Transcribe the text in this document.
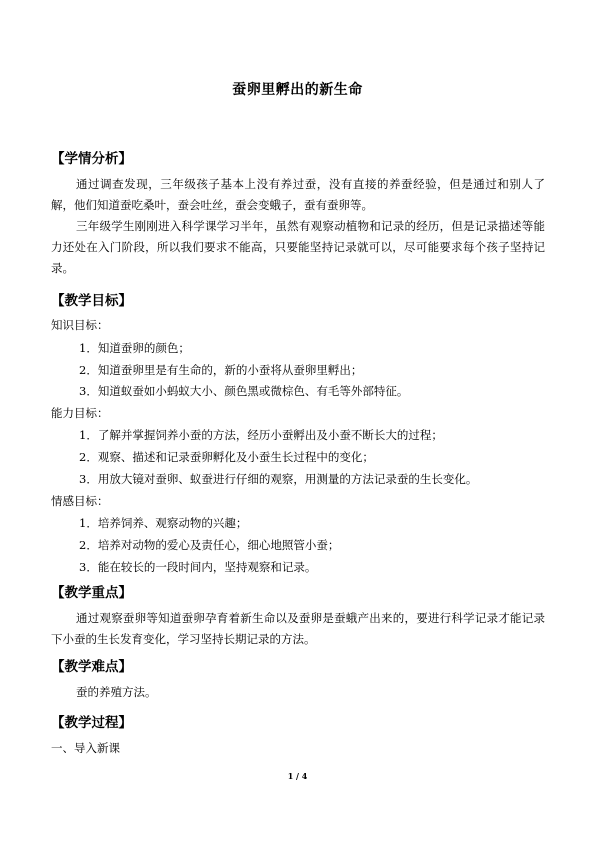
蚕卵里孵出的新生命
【学情分析】
通过调查发现，三年级孩子基本上没有养过蚕，没有直接的养蚕经验，但是通过和别人了解，他们知道蚕吃桑叶，蚕会吐丝，蚕会变蛾子，蚕有蚕卵等。
三年级学生刚刚进入科学课学习半年，虽然有观察动植物和记录的经历，但是记录描述等能力还处在入门阶段，所以我们要求不能高，只要能坚持记录就可以，尽可能要求每个孩子坚持记录。
【教学目标】
知识目标：
1．知道蚕卵的颜色；
2．知道蚕卵里是有生命的，新的小蚕将从蚕卵里孵出；
3．知道蚁蚕如小蚂蚁大小、颜色黑或微棕色、有毛等外部特征。
能力目标：
1．了解并掌握饲养小蚕的方法，经历小蚕孵出及小蚕不断长大的过程；
2．观察、描述和记录蚕卵孵化及小蚕生长过程中的变化；
3．用放大镜对蚕卵、蚁蚕进行仔细的观察，用测量的方法记录蚕的生长变化。
情感目标：
1．培养饲养、观察动物的兴趣；
2．培养对动物的爱心及责任心，细心地照管小蚕；
3．能在较长的一段时间内，坚持观察和记录。
【教学重点】
通过观察蚕卵等知道蚕卵孕育着新生命以及蚕卵是蚕蛾产出来的，要进行科学记录才能记录下小蚕的生长发育变化，学习坚持长期记录的方法。
【教学难点】
蚕的养殖方法。
【教学过程】
一、导入新课
1 / 4
